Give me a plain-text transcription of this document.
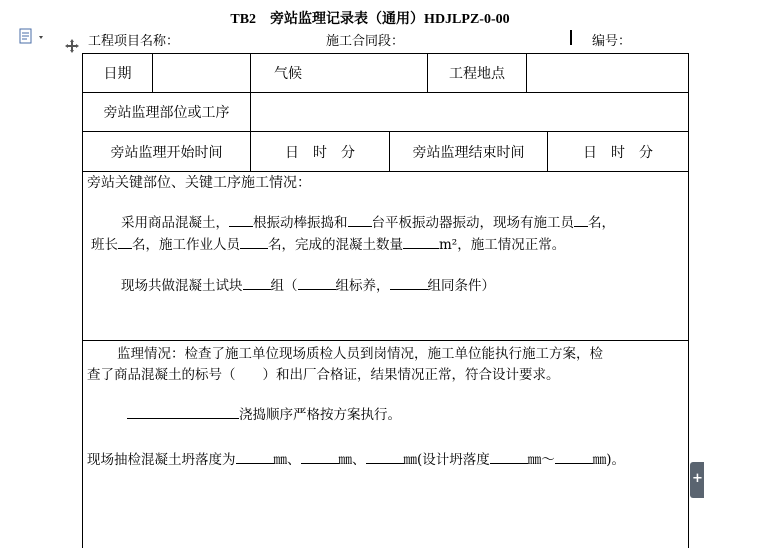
TB2　旁站监理记录表（通用）HDJLPZ-0-00
工程项目名称：	施工合同段：	编号：
日期	气候	工程地点
旁站监理部位或工序
旁站监理开始时间	日　时　分	旁站监理结束时间	日　时　分
旁站关键部位、关键工序施工情况：
采用商品混凝土， 根振动棒振捣和 台平板振动器振动，现场有施工员 名，
班长 名，施工作业人员 名，完成的混凝土数量	m²，施工情况正常。
现场共做混凝土试块 组（	组标养，	组同条件）
监理情况：检查了施工单位现场质检人员到岗情况，施工单位能执行施工方案，检
查了商品混凝土的标号（　　）和出厂合格证，结果情况正常，符合设计要求。
浇捣顺序严格按方案执行。
现场抽检混凝土坍落度为	㎜、	㎜、	㎜(设计坍落度	㎜～	㎜)。
+
